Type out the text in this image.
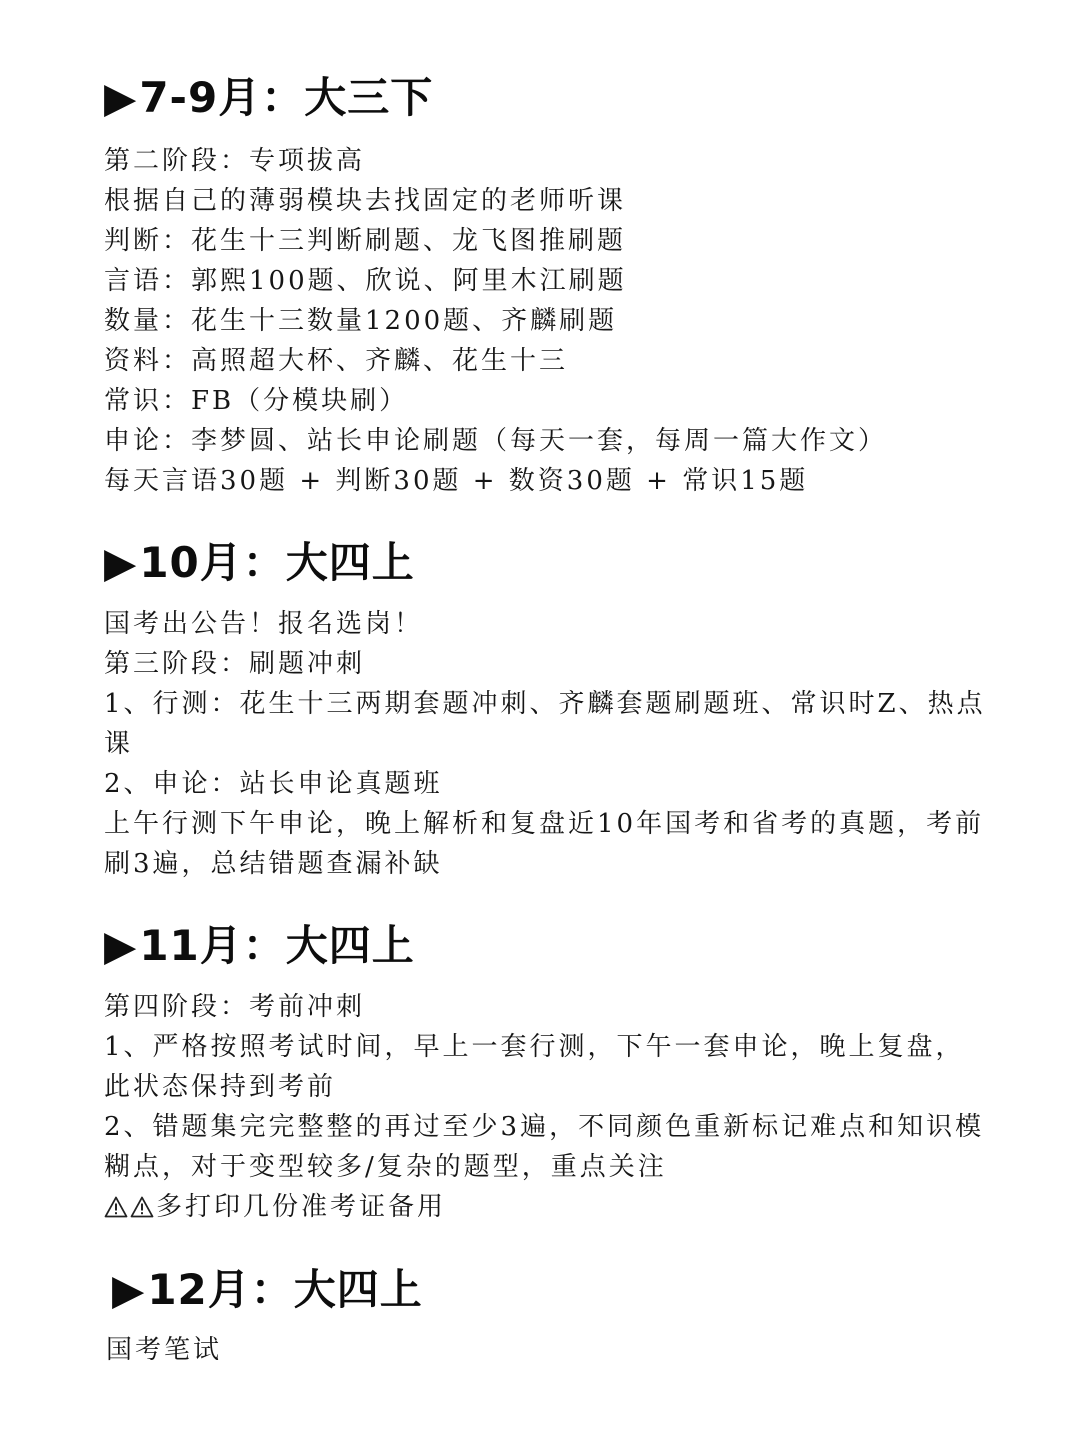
▶7-9月：大三下
第二阶段：专项拔高
根据自己的薄弱模块去找固定的老师听课
判断：花生十三判断刷题、龙飞图推刷题
言语：郭熙100题、欣说、阿里木江刷题
数量：花生十三数量1200题、齐麟刷题
资料：高照超大杯、齐麟、花生十三
常识：FB（分模块刷）
申论：李梦圆、站长申论刷题（每天一套，每周一篇大作文）
每天言语30题 + 判断30题 + 数资30题 + 常识15题
▶10月：大四上
国考出公告！报名选岗！
第三阶段：刷题冲刺
1、行测：花生十三两期套题冲刺、齐麟套题刷题班、常识时Z、热点
课
2、申论：站长申论真题班
上午行测下午申论，晚上解析和复盘近10年国考和省考的真题，考前
刷3遍，总结错题查漏补缺
▶11月：大四上
第四阶段：考前冲刺
1、严格按照考试时间，早上一套行测，下午一套申论，晚上复盘，
此状态保持到考前
2、错题集完完整整的再过至少3遍，不同颜色重新标记难点和知识模
糊点，对于变型较多/复杂的题型，重点关注
多打印几份准考证备用
▶12月：大四上
国考笔试
